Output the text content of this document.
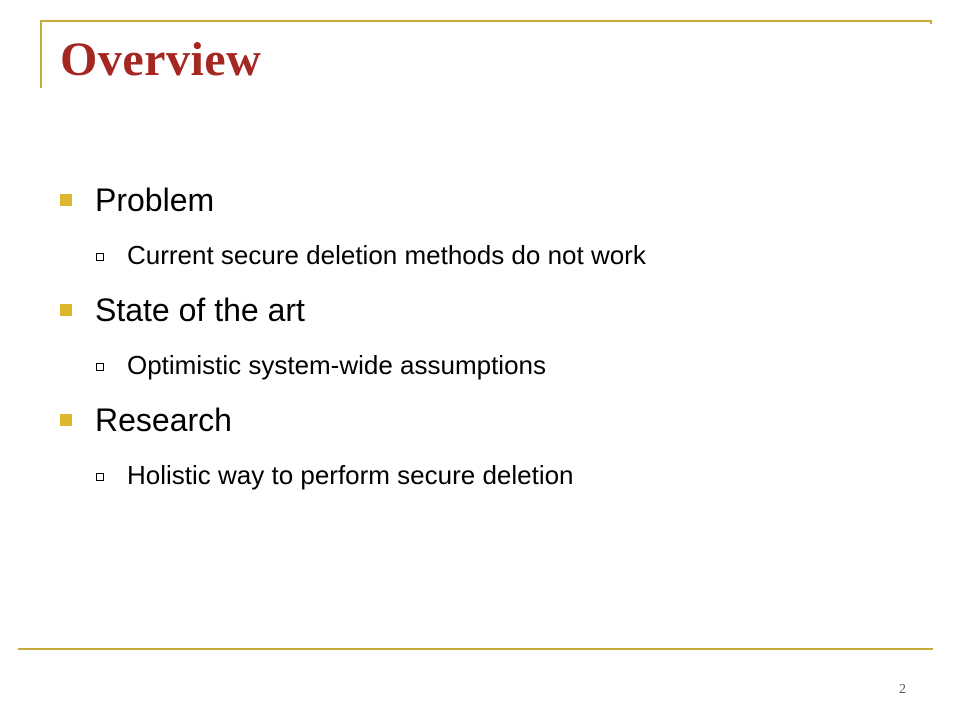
Overview
Problem
Current secure deletion methods do not work
State of the art
Optimistic system-wide assumptions
Research
Holistic way to perform secure deletion
2
